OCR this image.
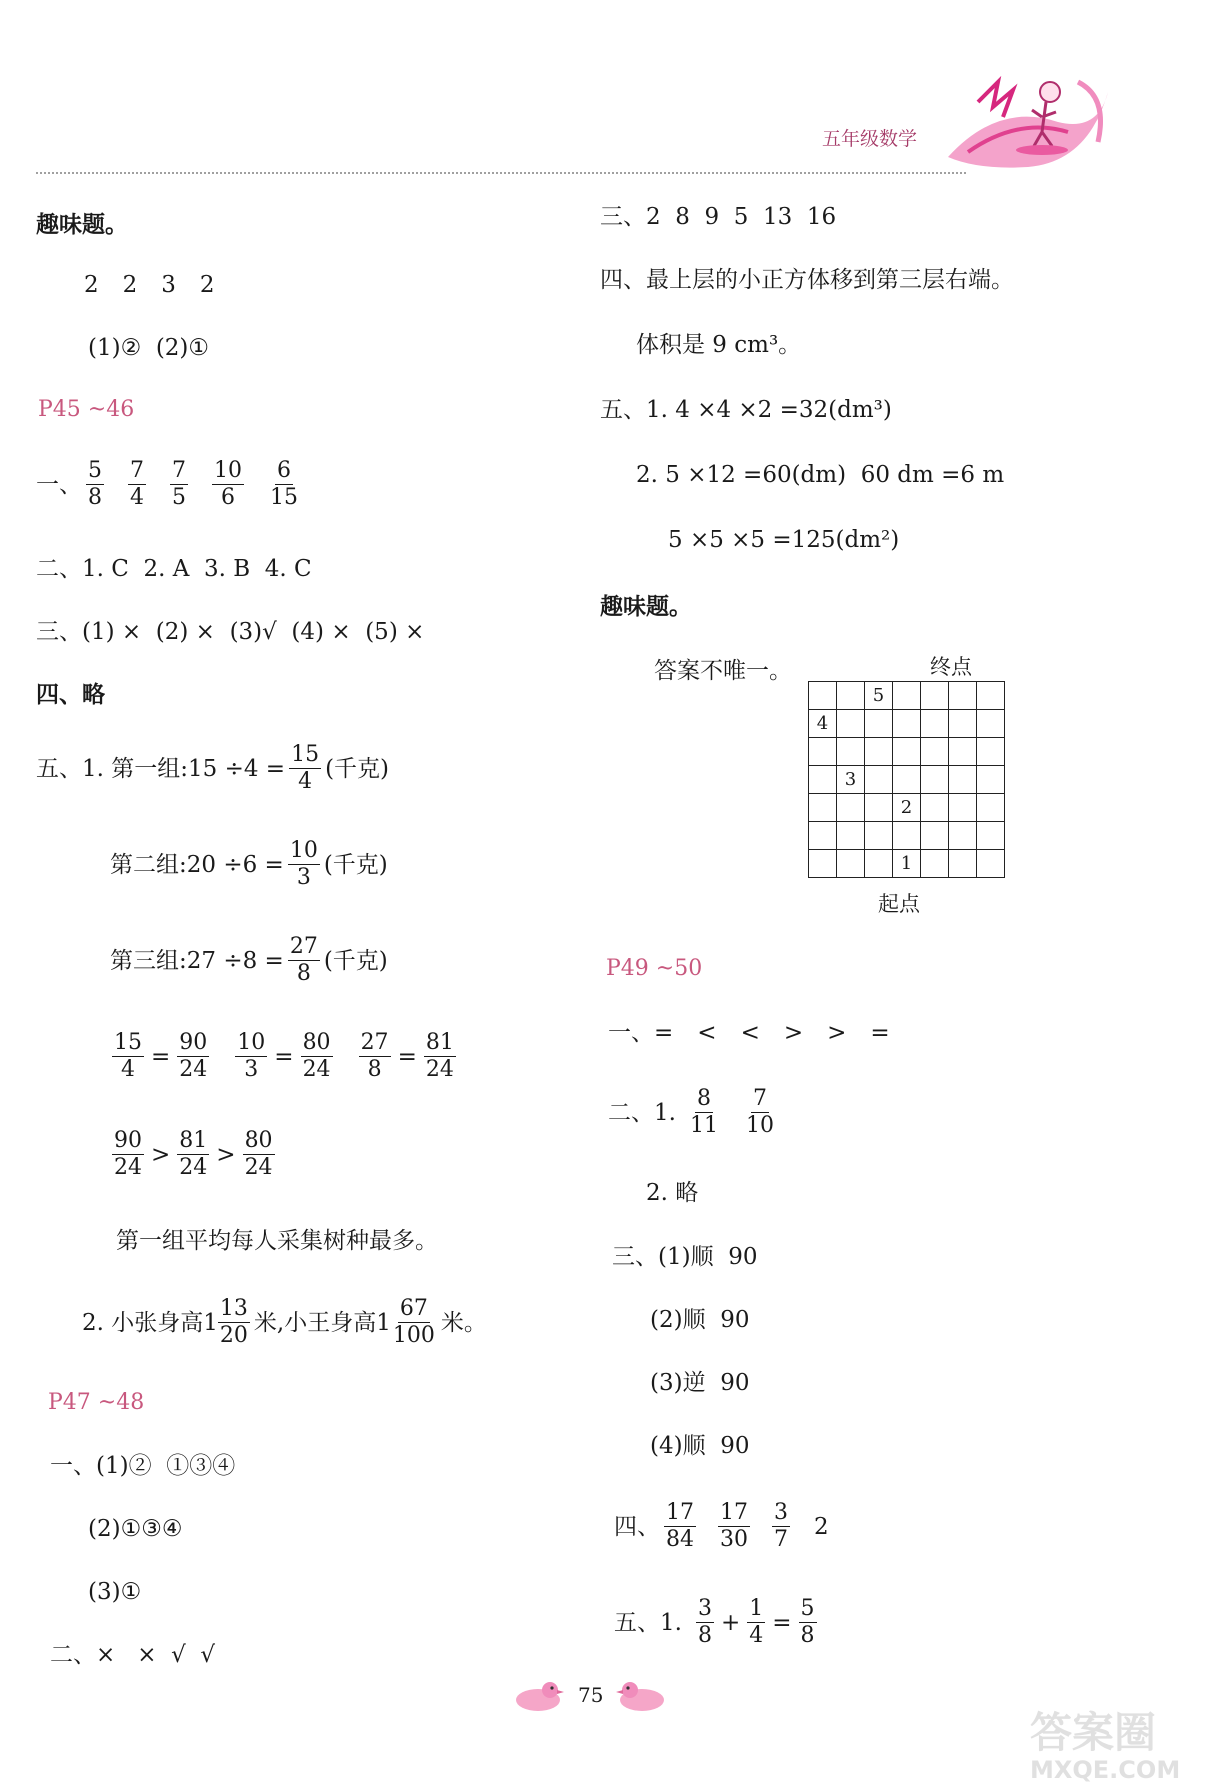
五年级数学
趣味题。
2 2 3 2
(1)②  (2)①
P45 ~46
一、 $\frac{5}{8} \frac{7}{4} \frac{7}{5} \frac{10}{6} \frac{6}{15}$
二、1. C  2. A  3. B  4. C
三、(1) ×  (2) ×  (3)√  (4) ×  (5) ×
四、略
五、1. 第一组:15 $\div 4 = \frac{15}{4}$ (千克)
第二组:20 $\div 6 = \frac{10}{3}$ (千克)
第三组:27 $\div 8 = \frac{27}{8}$ (千克)
$\frac{15}{4} = \frac{90}{24} \frac{10}{3} = \frac{80}{24} \frac{27}{8} = \frac{81}{24}$
$\frac{90}{24} > \frac{81}{24} > \frac{80}{24}$
第一组平均每人采集树种最多。
2. 小张身高$1 \frac{13}{20}$ 米,小王身高$1 \frac{67}{100}$ 米。
P47 ~48
一、(1)②  ①③④
(2)①③④
(3)①
二、×   ×  √  √
三、2  8  9  5  13  16
四、最上层的小正方体移到第三层右端。
体积是 9 cm³。
五、1. 4 ×4 ×2 =32(dm³)
2. 5 ×12 =60(dm)  60 dm =6 m
5 ×5 ×5 =125(dm²)
趣味题。
答案不唯一。	终点
		5				
4						

	3					
			2			

			1			
起点
P49 ~50
一、= < < > > =
二、1. $\frac{8}{11} \frac{7}{10}$
2. 略
三、(1)顺  90
(2)顺  90
(3)逆  90
(4)顺  90
四、 $\frac{17}{84} \frac{17}{30} \frac{3}{7} 2$
五、1. $\frac{3}{8} + \frac{1}{4} = \frac{5}{8}$
75
答案圈
MXQE.COM
